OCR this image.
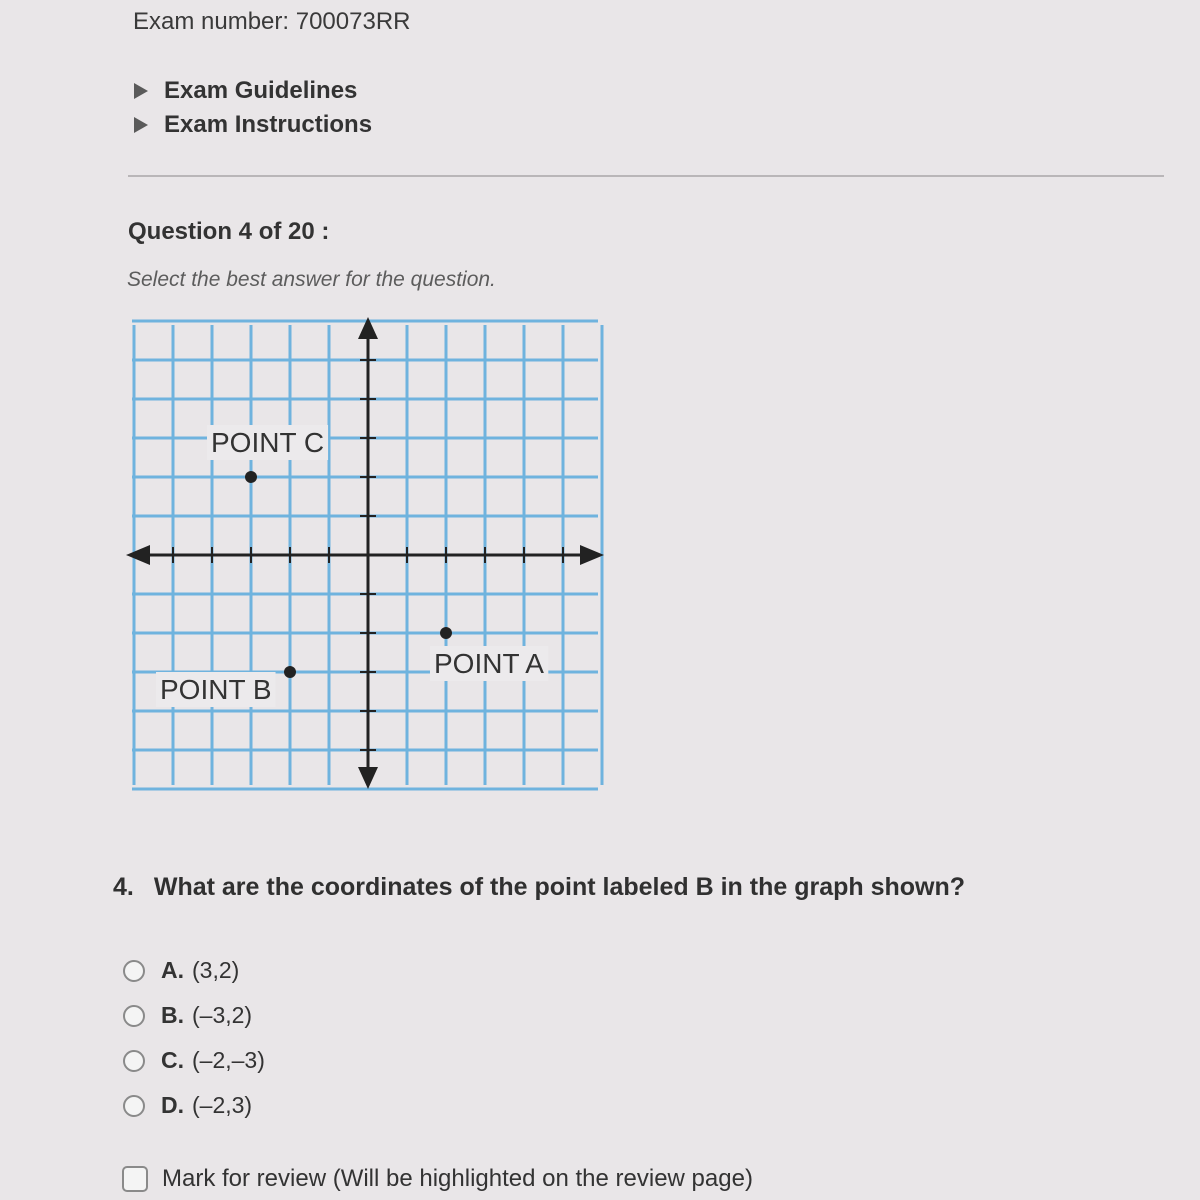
Exam number: 700073RR
Exam Guidelines
Exam Instructions
Question 4 of 20 :
Select the best answer for the question.
POINT C
POINT B
POINT A
4. What are the coordinates of the point labeled B in the graph shown?
A. (3,2)
B. (–3,2)
C. (–2,–3)
D. (–2,3)
Mark for review (Will be highlighted on the review page)
